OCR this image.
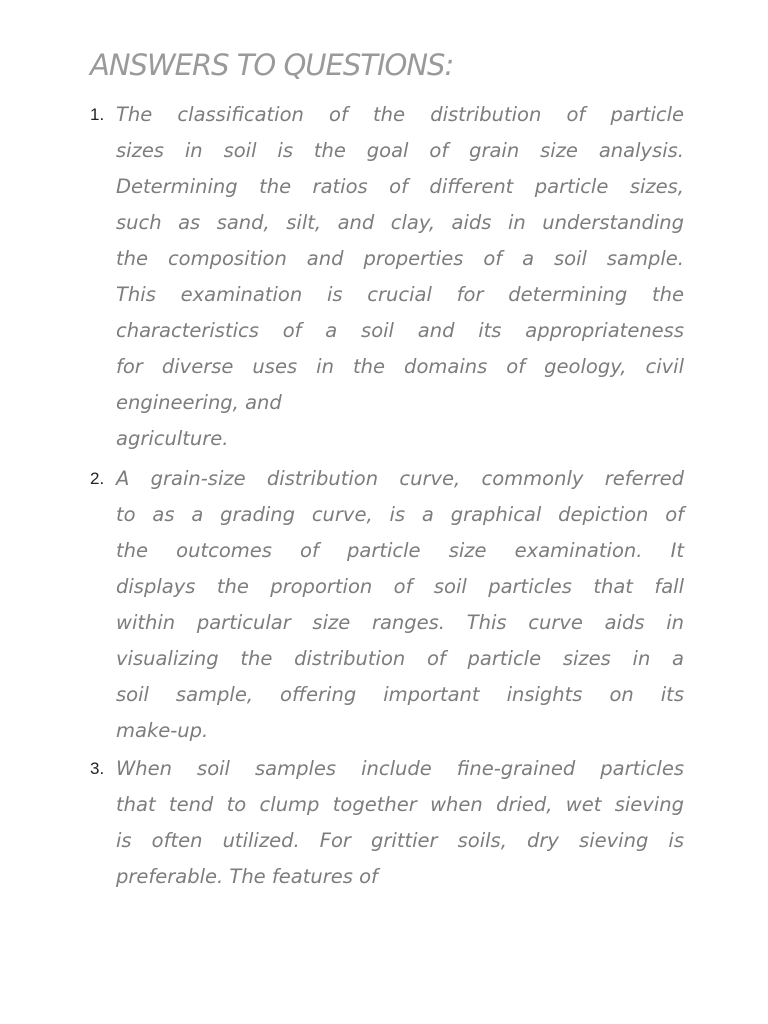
ANSWERS TO QUESTIONS:
1. The classification of the distribution of particle
sizes in soil is the goal of grain size analysis.
Determining the ratios of different particle sizes,
such as sand, silt, and clay, aids in understanding
the composition and properties of a soil sample.
This examination is crucial for determining the
characteristics of a soil and its appropriateness
for diverse uses in the domains of geology, civil
engineering, and
agriculture.
2. A grain-size distribution curve, commonly referred
to as a grading curve, is a graphical depiction of
the outcomes of particle size examination. It
displays the proportion of soil particles that fall
within particular size ranges. This curve aids in
visualizing the distribution of particle sizes in a
soil sample, offering important insights on its
make-up.
3. When soil samples include fine-grained particles
that tend to clump together when dried, wet sieving
is often utilized. For grittier soils, dry sieving is
preferable. The features of
